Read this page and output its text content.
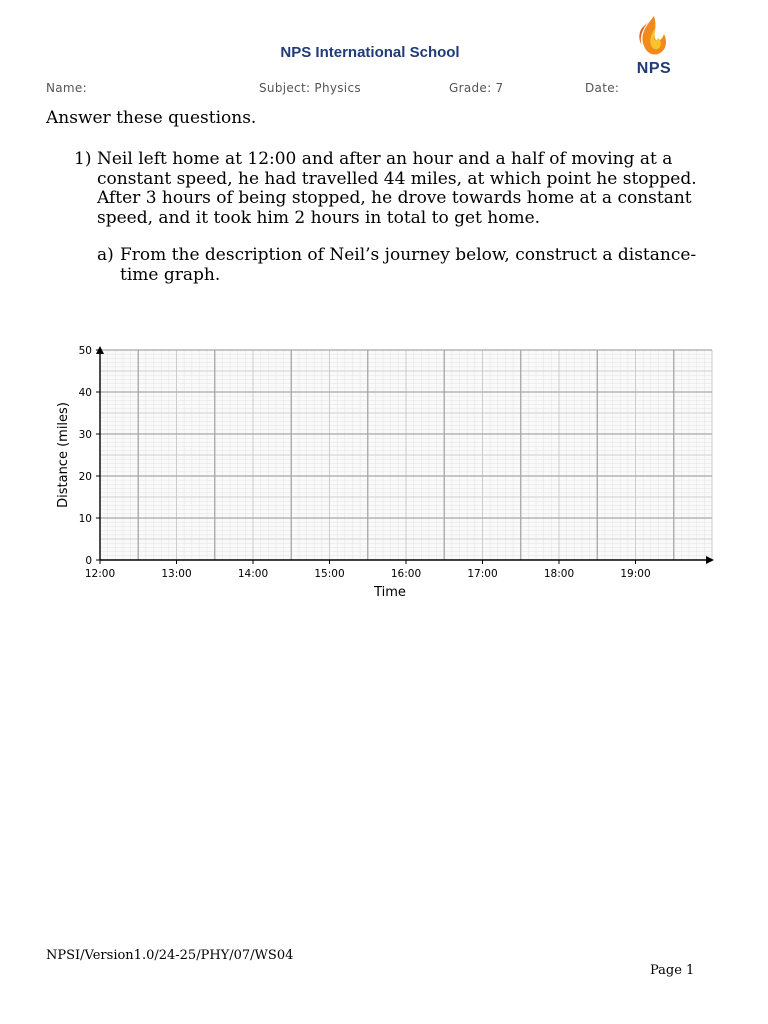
NPS International School
NPS
Name:	Subject: Physics	Grade: 7	Date:
Answer these questions.
1) Neil left home at 12:00 and after an hour and a half of moving at a constant speed, he had travelled 44 miles, at which point he stopped. After 3 hours of being stopped, he drove towards home at a constant speed, and it took him 2 hours in total to get home.
a) From the description of Neil’s journey below, construct a distance-time graph.
0
10
20
30
40
50
12:00	13:00	14:00	15:00	16:00	17:00	18:00	19:00
Time
Distance (miles)
NPSI/Version1.0/24-25/PHY/07/WS04
Page 1
